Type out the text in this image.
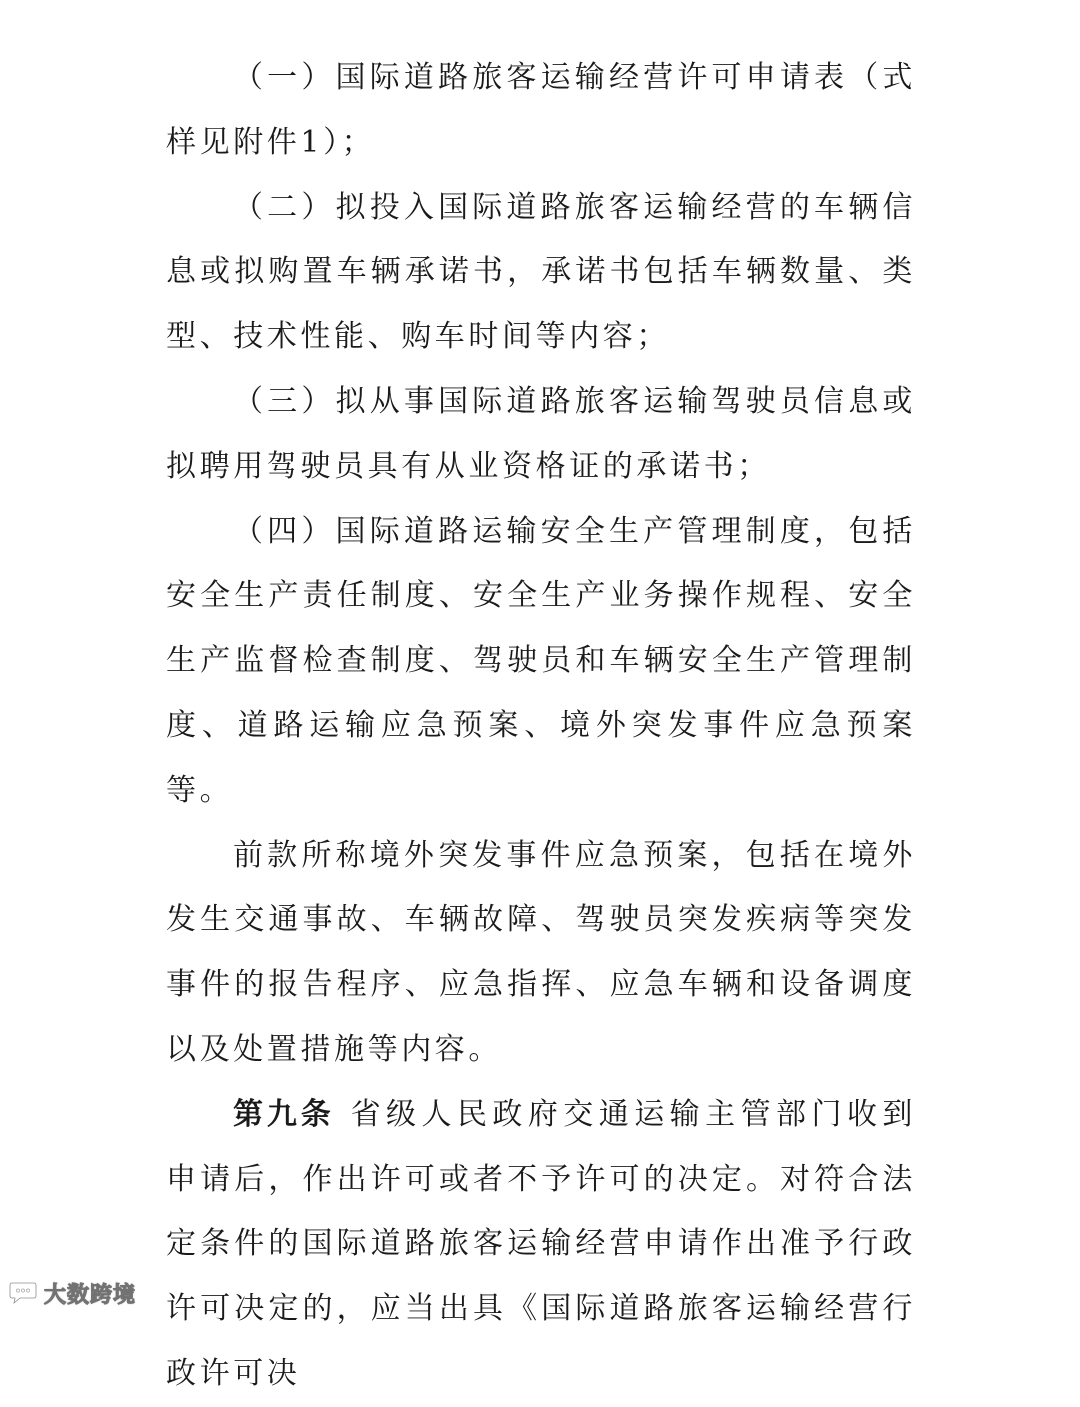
（一）国际道路旅客运输经营许可申请表（式样见附件1）；

（二）拟投入国际道路旅客运输经营的车辆信息或拟购置车辆承诺书，承诺书包括车辆数量、类型、技术性能、购车时间等内容；

（三）拟从事国际道路旅客运输驾驶员信息或拟聘用驾驶员具有从业资格证的承诺书；

（四）国际道路运输安全生产管理制度，包括安全生产责任制度、安全生产业务操作规程、安全生产监督检查制度、驾驶员和车辆安全生产管理制度、道路运输应急预案、境外突发事件应急预案等。

前款所称境外突发事件应急预案，包括在境外发生交通事故、车辆故障、驾驶员突发疾病等突发事件的报告程序、应急指挥、应急车辆和设备调度以及处置措施等内容。

第九条 省级人民政府交通运输主管部门收到申请后，作出许可或者不予许可的决定。对符合法定条件的国际道路旅客运输经营申请作出准予行政许可决定的，应当出具《国际道路旅客运输经营行政许可决

大数跨境
